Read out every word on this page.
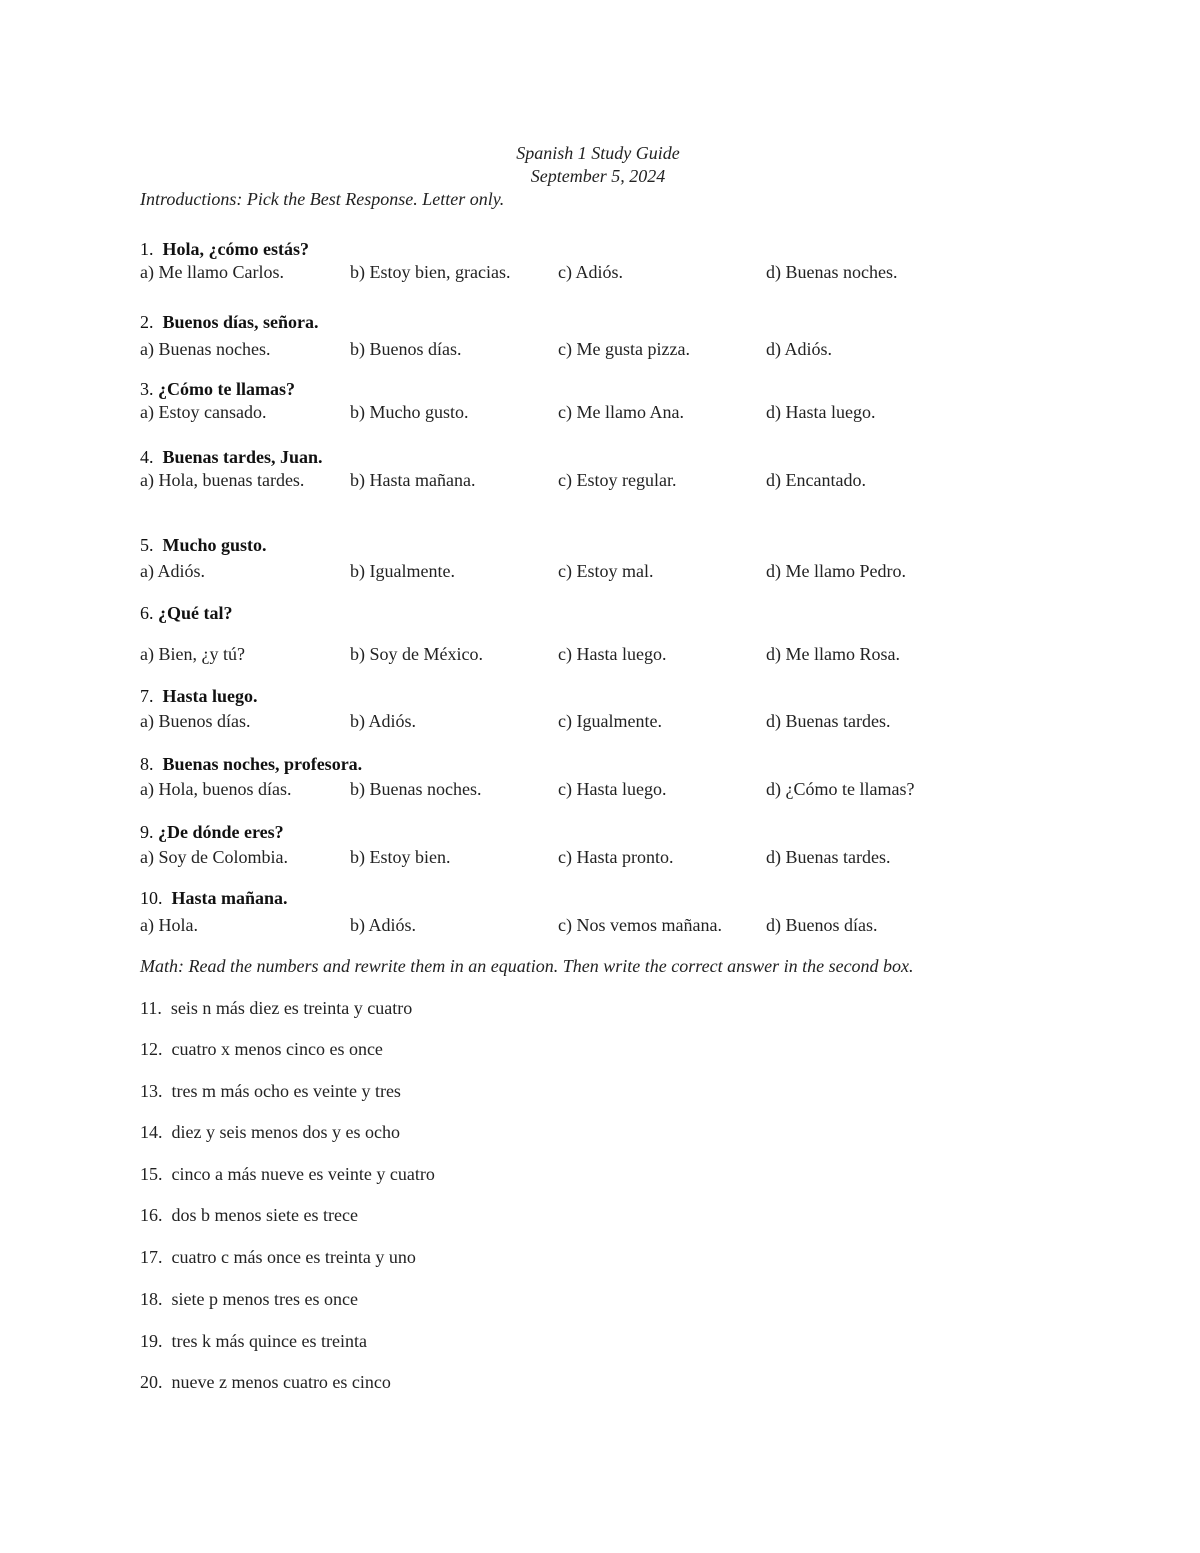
Spanish 1 Study Guide
September 5, 2024
Introductions: Pick the Best Response. Letter only.
1. Hola, ¿cómo estás?
a) Me llamo Carlos.	b) Estoy bien, gracias.	c) Adiós.	d) Buenas noches.
2. Buenos días, señora.
a) Buenas noches.	b) Buenos días.	c) Me gusta pizza.	d) Adiós.
3. ¿Cómo te llamas?
a) Estoy cansado.	b) Mucho gusto.	c) Me llamo Ana.	d) Hasta luego.
4. Buenas tardes, Juan.
a) Hola, buenas tardes.	b) Hasta mañana.	c) Estoy regular.	d) Encantado.
5. Mucho gusto.
a) Adiós.	b) Igualmente.	c) Estoy mal.	d) Me llamo Pedro.
6. ¿Qué tal?
a) Bien, ¿y tú?	b) Soy de México.	c) Hasta luego.	d) Me llamo Rosa.
7. Hasta luego.
a) Buenos días.	b) Adiós.	c) Igualmente.	d) Buenas tardes.
8. Buenas noches, profesora.
a) Hola, buenos días.	b) Buenas noches.	c) Hasta luego.	d) ¿Cómo te llamas?
9. ¿De dónde eres?
a) Soy de Colombia.	b) Estoy bien.	c) Hasta pronto.	d) Buenas tardes.
10. Hasta mañana.
a) Hola.	b) Adiós.	c) Nos vemos mañana. d) Buenos días.
Math: Read the numbers and rewrite them in an equation. Then write the correct answer in the second box.
11. seis n más diez es treinta y cuatro
12. cuatro x menos cinco es once
13. tres m más ocho es veinte y tres
14. diez y seis menos dos y es ocho
15. cinco a más nueve es veinte y cuatro
16. dos b menos siete es trece
17. cuatro c más once es treinta y uno
18. siete p menos tres es once
19. tres k más quince es treinta
20. nueve z menos cuatro es cinco
